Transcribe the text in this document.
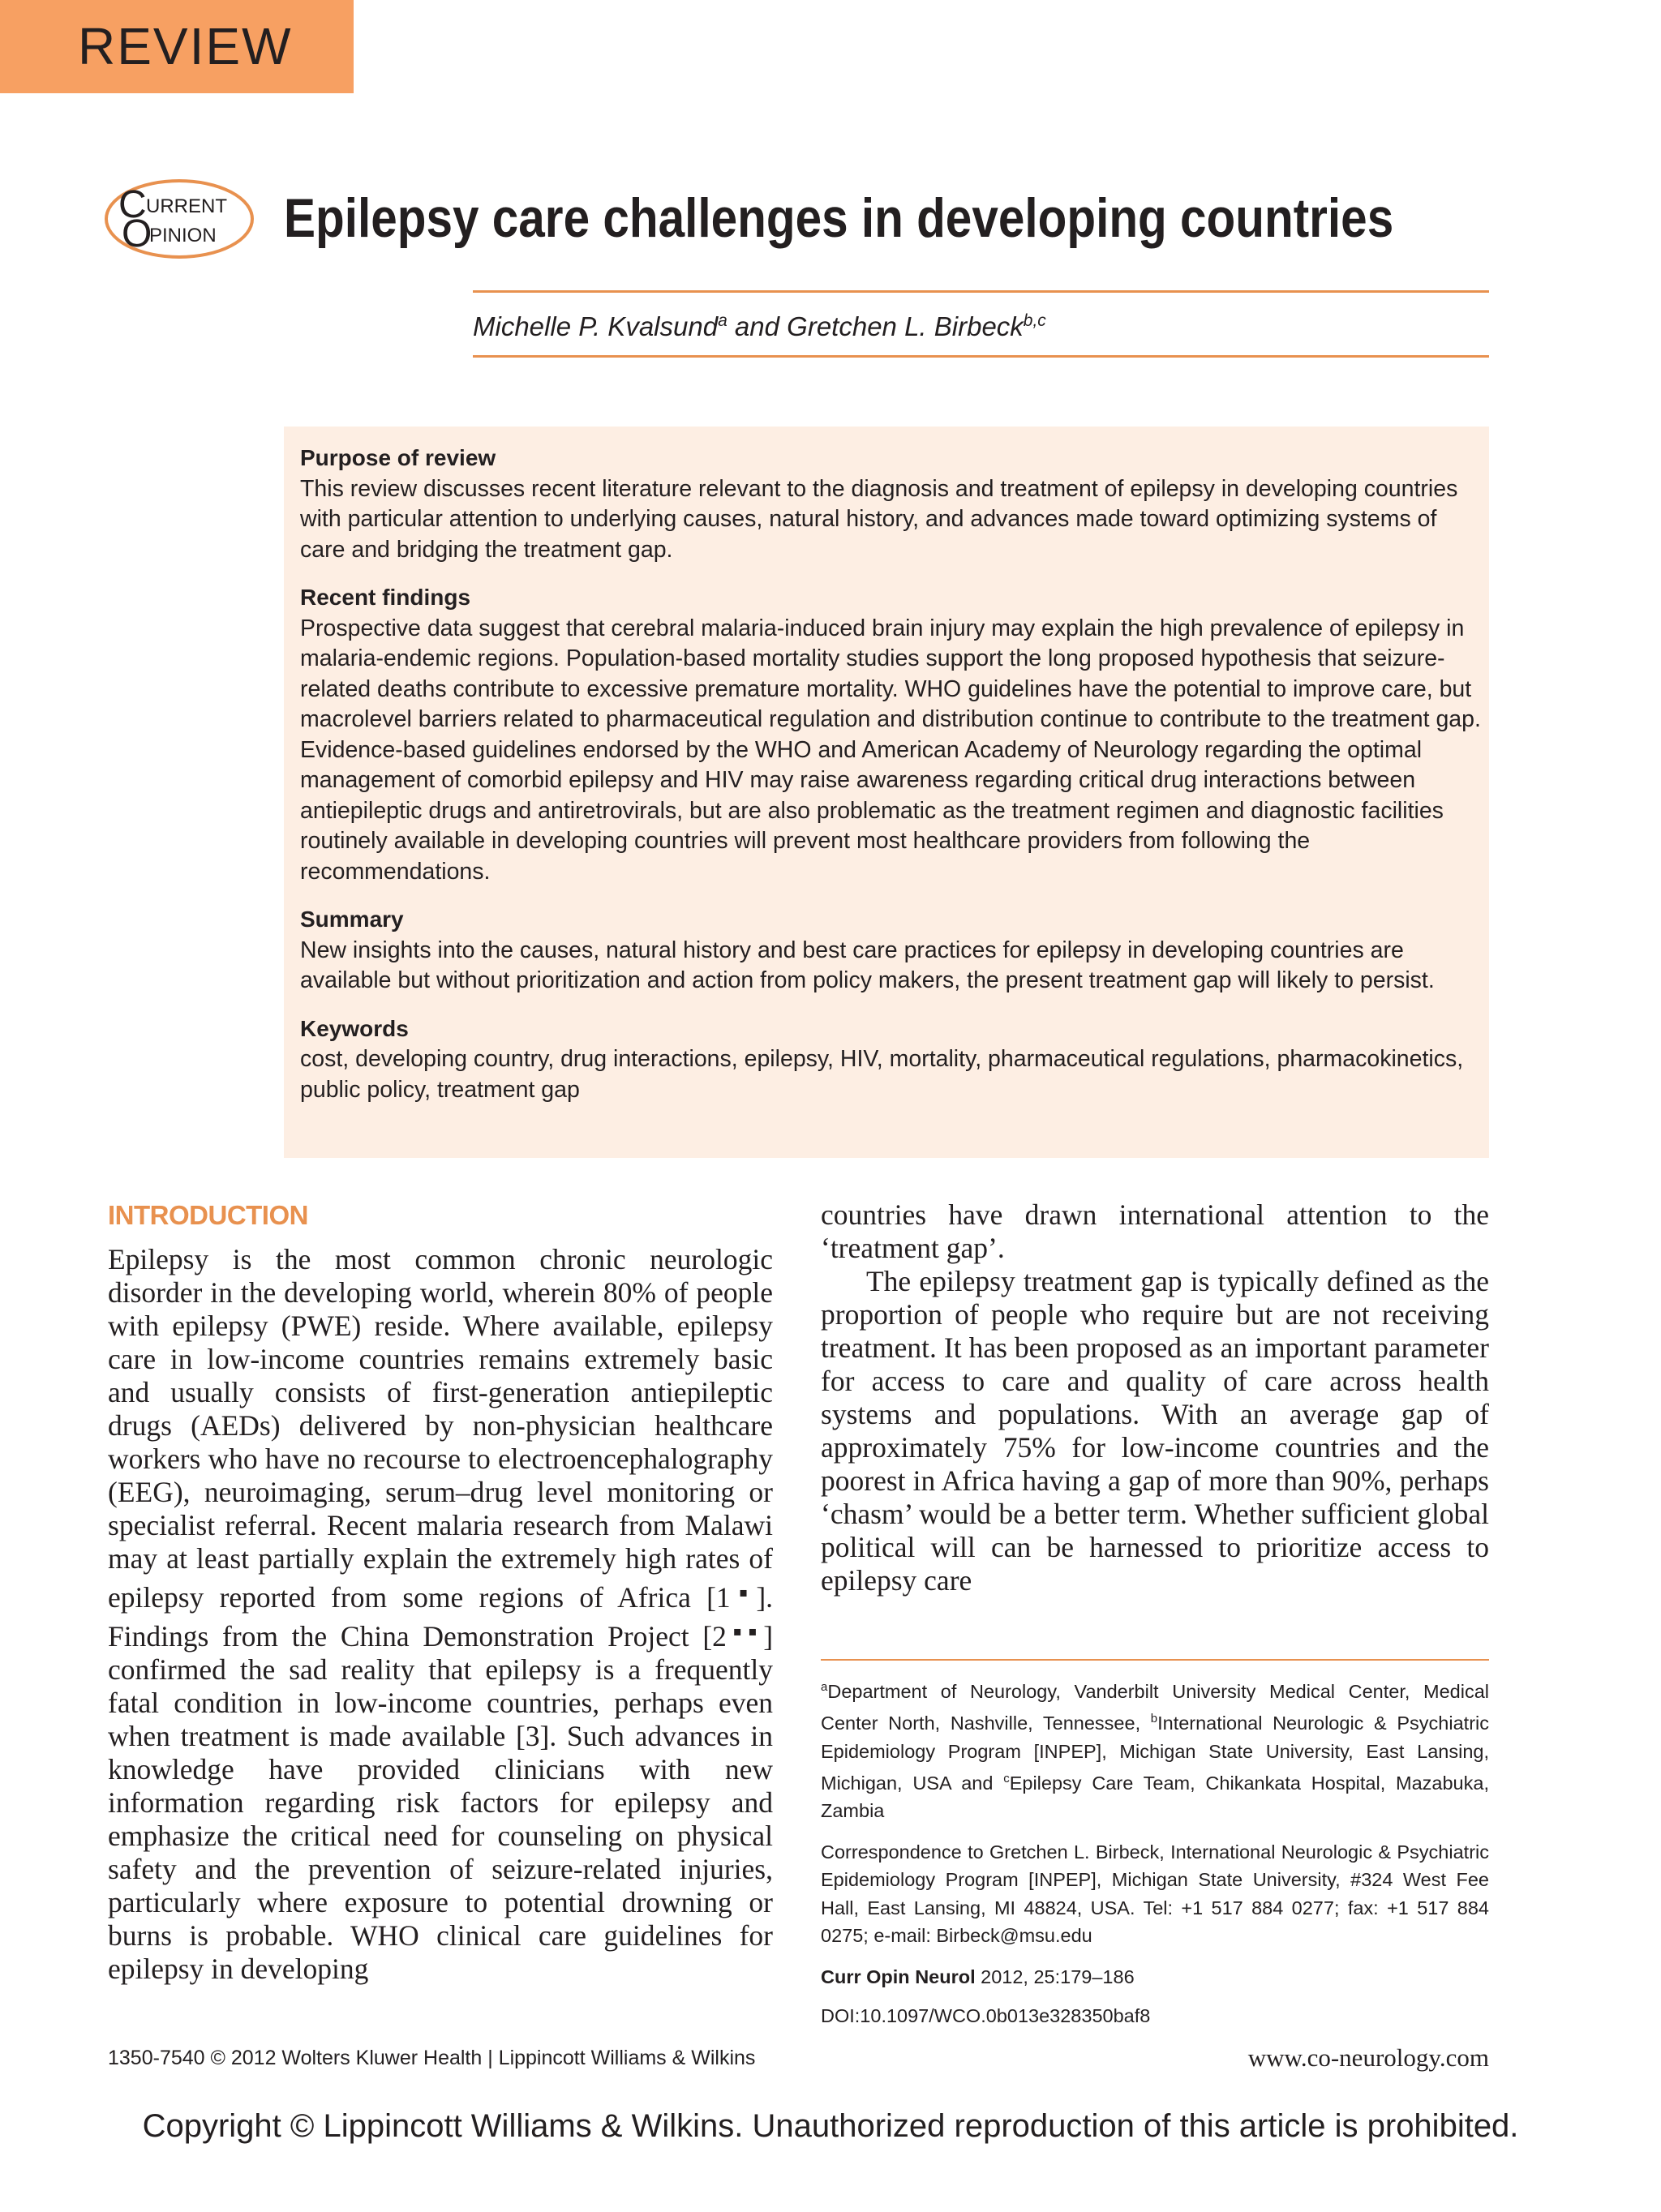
REVIEW
C URRENT
O
PINION Epilepsy care challenges in developing countries
Michelle P. Kvalsund$^a$ and Gretchen L. Birbeck$^{b,c}$

Purpose of review
This review discusses recent literature relevant to the diagnosis and treatment of epilepsy in developing countries with particular attention to underlying causes, natural history, and advances made toward optimizing systems of care and bridging the treatment gap.

Recent findings
Prospective data suggest that cerebral malaria-induced brain injury may explain the high prevalence of epilepsy in malaria-endemic regions. Population-based mortality studies support the long proposed hypothesis that seizure-related deaths contribute to excessive premature mortality. WHO guidelines have the potential to improve care, but macrolevel barriers related to pharmaceutical regulation and distribution continue to contribute to the treatment gap. Evidence-based guidelines endorsed by the WHO and American Academy of Neurology regarding the optimal management of comorbid epilepsy and HIV may raise awareness regarding critical drug interactions between antiepileptic drugs and antiretrovirals, but are also problematic as the treatment regimen and diagnostic facilities routinely available in developing countries will prevent most healthcare providers from following the recommendations.

Summary
New insights into the causes, natural history and best care practices for epilepsy in developing countries are available but without prioritization and action from policy makers, the present treatment gap will likely to persist.

Keywords
cost, developing country, drug interactions, epilepsy, HIV, mortality, pharmaceutical regulations, pharmacokinetics, public policy, treatment gap

INTRODUCTION

Epilepsy is the most common chronic neurologic disorder in the developing world, wherein 80% of people with epilepsy (PWE) reside. Where available, epilepsy care in low-income countries remains extremely basic and usually consists of first-generation antiepileptic drugs (AEDs) delivered by non-physician healthcare workers who have no recourse to electroencephalography (EEG), neuroimaging, serum–drug level monitoring or specialist referral. Recent malaria research from Malawi may at least partially explain the extremely high rates of epilepsy reported from some regions of Africa [1▪]. Findings from the China Demonstration Project [2▪▪] confirmed the sad reality that epilepsy is a frequently fatal condition in low-income countries, perhaps even when treatment is made available [3]. Such advances in knowledge have provided clinicians with new information regarding risk factors for epilepsy and emphasize the critical need for counseling on physical safety and the prevention of seizure-related injuries, particularly where exposure to potential drowning or burns is probable. WHO clinical care guidelines for epilepsy in developing

countries have drawn international attention to the ‘treatment gap’.

The epilepsy treatment gap is typically defined as the proportion of people who require but are not receiving treatment. It has been proposed as an important parameter for access to care and quality of care across health systems and populations. With an average gap of approximately 75% for low-income countries and the poorest in Africa having a gap of more than 90%, perhaps ‘chasm’ would be a better term. Whether sufficient global political will can be harnessed to prioritize access to epilepsy care

$^a$Department of Neurology, Vanderbilt University Medical Center, Medical Center North, Nashville, Tennessee, $^b$International Neurologic & Psychiatric Epidemiology Program [INPEP], Michigan State University, East Lansing, Michigan, USA and $^c$Epilepsy Care Team, Chikankata Hospital, Mazabuka, Zambia

Correspondence to Gretchen L. Birbeck, International Neurologic & Psychiatric Epidemiology Program [INPEP], Michigan State University, #324 West Fee Hall, East Lansing, MI 48824, USA. Tel: +1 517 884 0277; fax: +1 517 884 0275; e-mail: Birbeck@msu.edu

Curr Opin Neurol 2012, 25:179–186
DOI:10.1097/WCO.0b013e328350baf8
1350-7540 © 2012 Wolters Kluwer Health | Lippincott Williams & Wilkins	www.co-neurology.com
Copyright © Lippincott Williams & Wilkins. Unauthorized reproduction of this article is prohibited.
